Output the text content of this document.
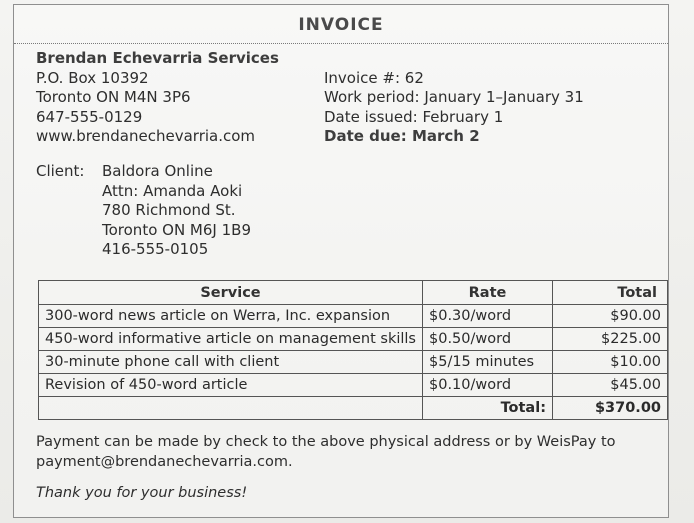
INVOICE
Brendan Echevarria Services
P.O. Box 10392
Toronto ON M4N 3P6
647-555-0129
www.brendanechevarria.com
Invoice #: 62
Work period: January 1–January 31
Date issued: February 1
Date due: March 2
Client: Baldora Online
Attn: Amanda Aoki
780 Richmond St.
Toronto ON M6J 1B9
416-555-0105
Service	Rate	Total
300-word news article on Werra, Inc. expansion	$0.30/word	$90.00
450-word informative article on management skills	$0.50/word	$225.00
30-minute phone call with client	$5/15 minutes	$10.00
Revision of 450-word article	$0.10/word	$45.00
	Total:	$370.00
Payment can be made by check to the above physical address or by WeisPay to
payment@brendanechevarria.com.
Thank you for your business!
